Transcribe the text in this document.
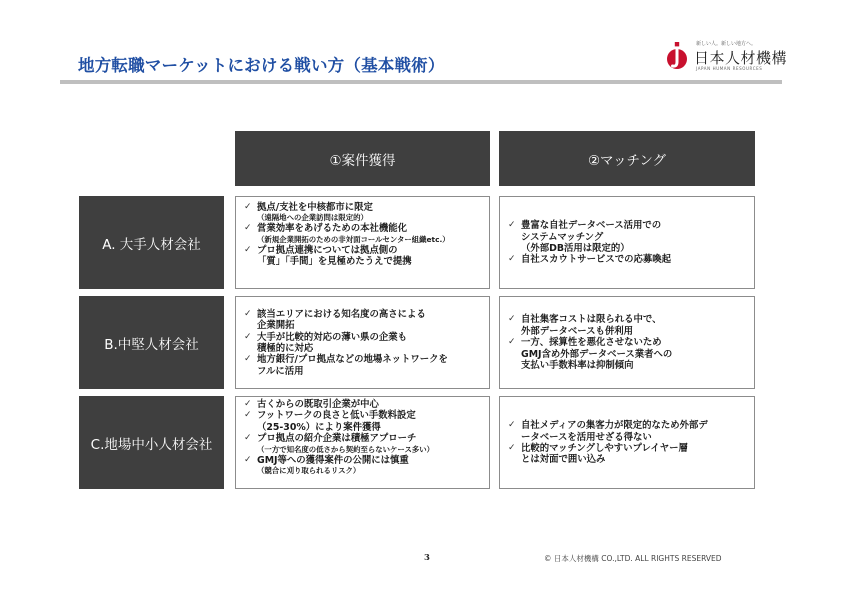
地方転職マーケットにおける戦い方（基本戦術）
新しい人。新しい地方へ。
日本人材機構
JAPAN HUMAN RESOURCES
①案件獲得	②マッチング
A. 大手人材会社
B.中堅人材会社
C.地場中小人材会社
✓ 拠点/支社を中核都市に限定
（遠隔地への企業訪問は限定的）
✓ 営業効率をあげるための本社機能化
（新規企業開拓のための非対面コールセンター組織etc.）
✓ プロ拠点連携については拠点側の
「質」「手間」を見極めたうえで提携
✓ 豊富な自社データベース活用での
システムマッチング
（外部DB活用は限定的）
✓ 自社スカウトサービスでの応募喚起
✓ 該当エリアにおける知名度の高さによる
企業開拓
✓ 大手が比較的対応の薄い県の企業も
積極的に対応
✓ 地方銀行/プロ拠点などの地場ネットワークを
フルに活用
✓ 自社集客コストは限られる中で、
外部データベースも併利用
✓ 一方、採算性を悪化させないため
GMJ含め外部データベース業者への
支払い手数料率は抑制傾向
✓ 古くからの既取引企業が中心
✓ フットワークの良さと低い手数料設定
（25-30%）により案件獲得
✓ プロ拠点の紹介企業は積極アプローチ
（一方で知名度の低さから契約至らないケース多い）
✓ GMJ等への獲得案件の公開には慎重
（競合に刈り取られるリスク）
✓ 自社メディアの集客力が限定的なため外部デ
ータベースを活用せざる得ない
✓ 比較的マッチングしやすいプレイヤー層
とは対面で囲い込み
3	© 日本人材機構 CO.,LTD. ALL RIGHTS RESERVED
